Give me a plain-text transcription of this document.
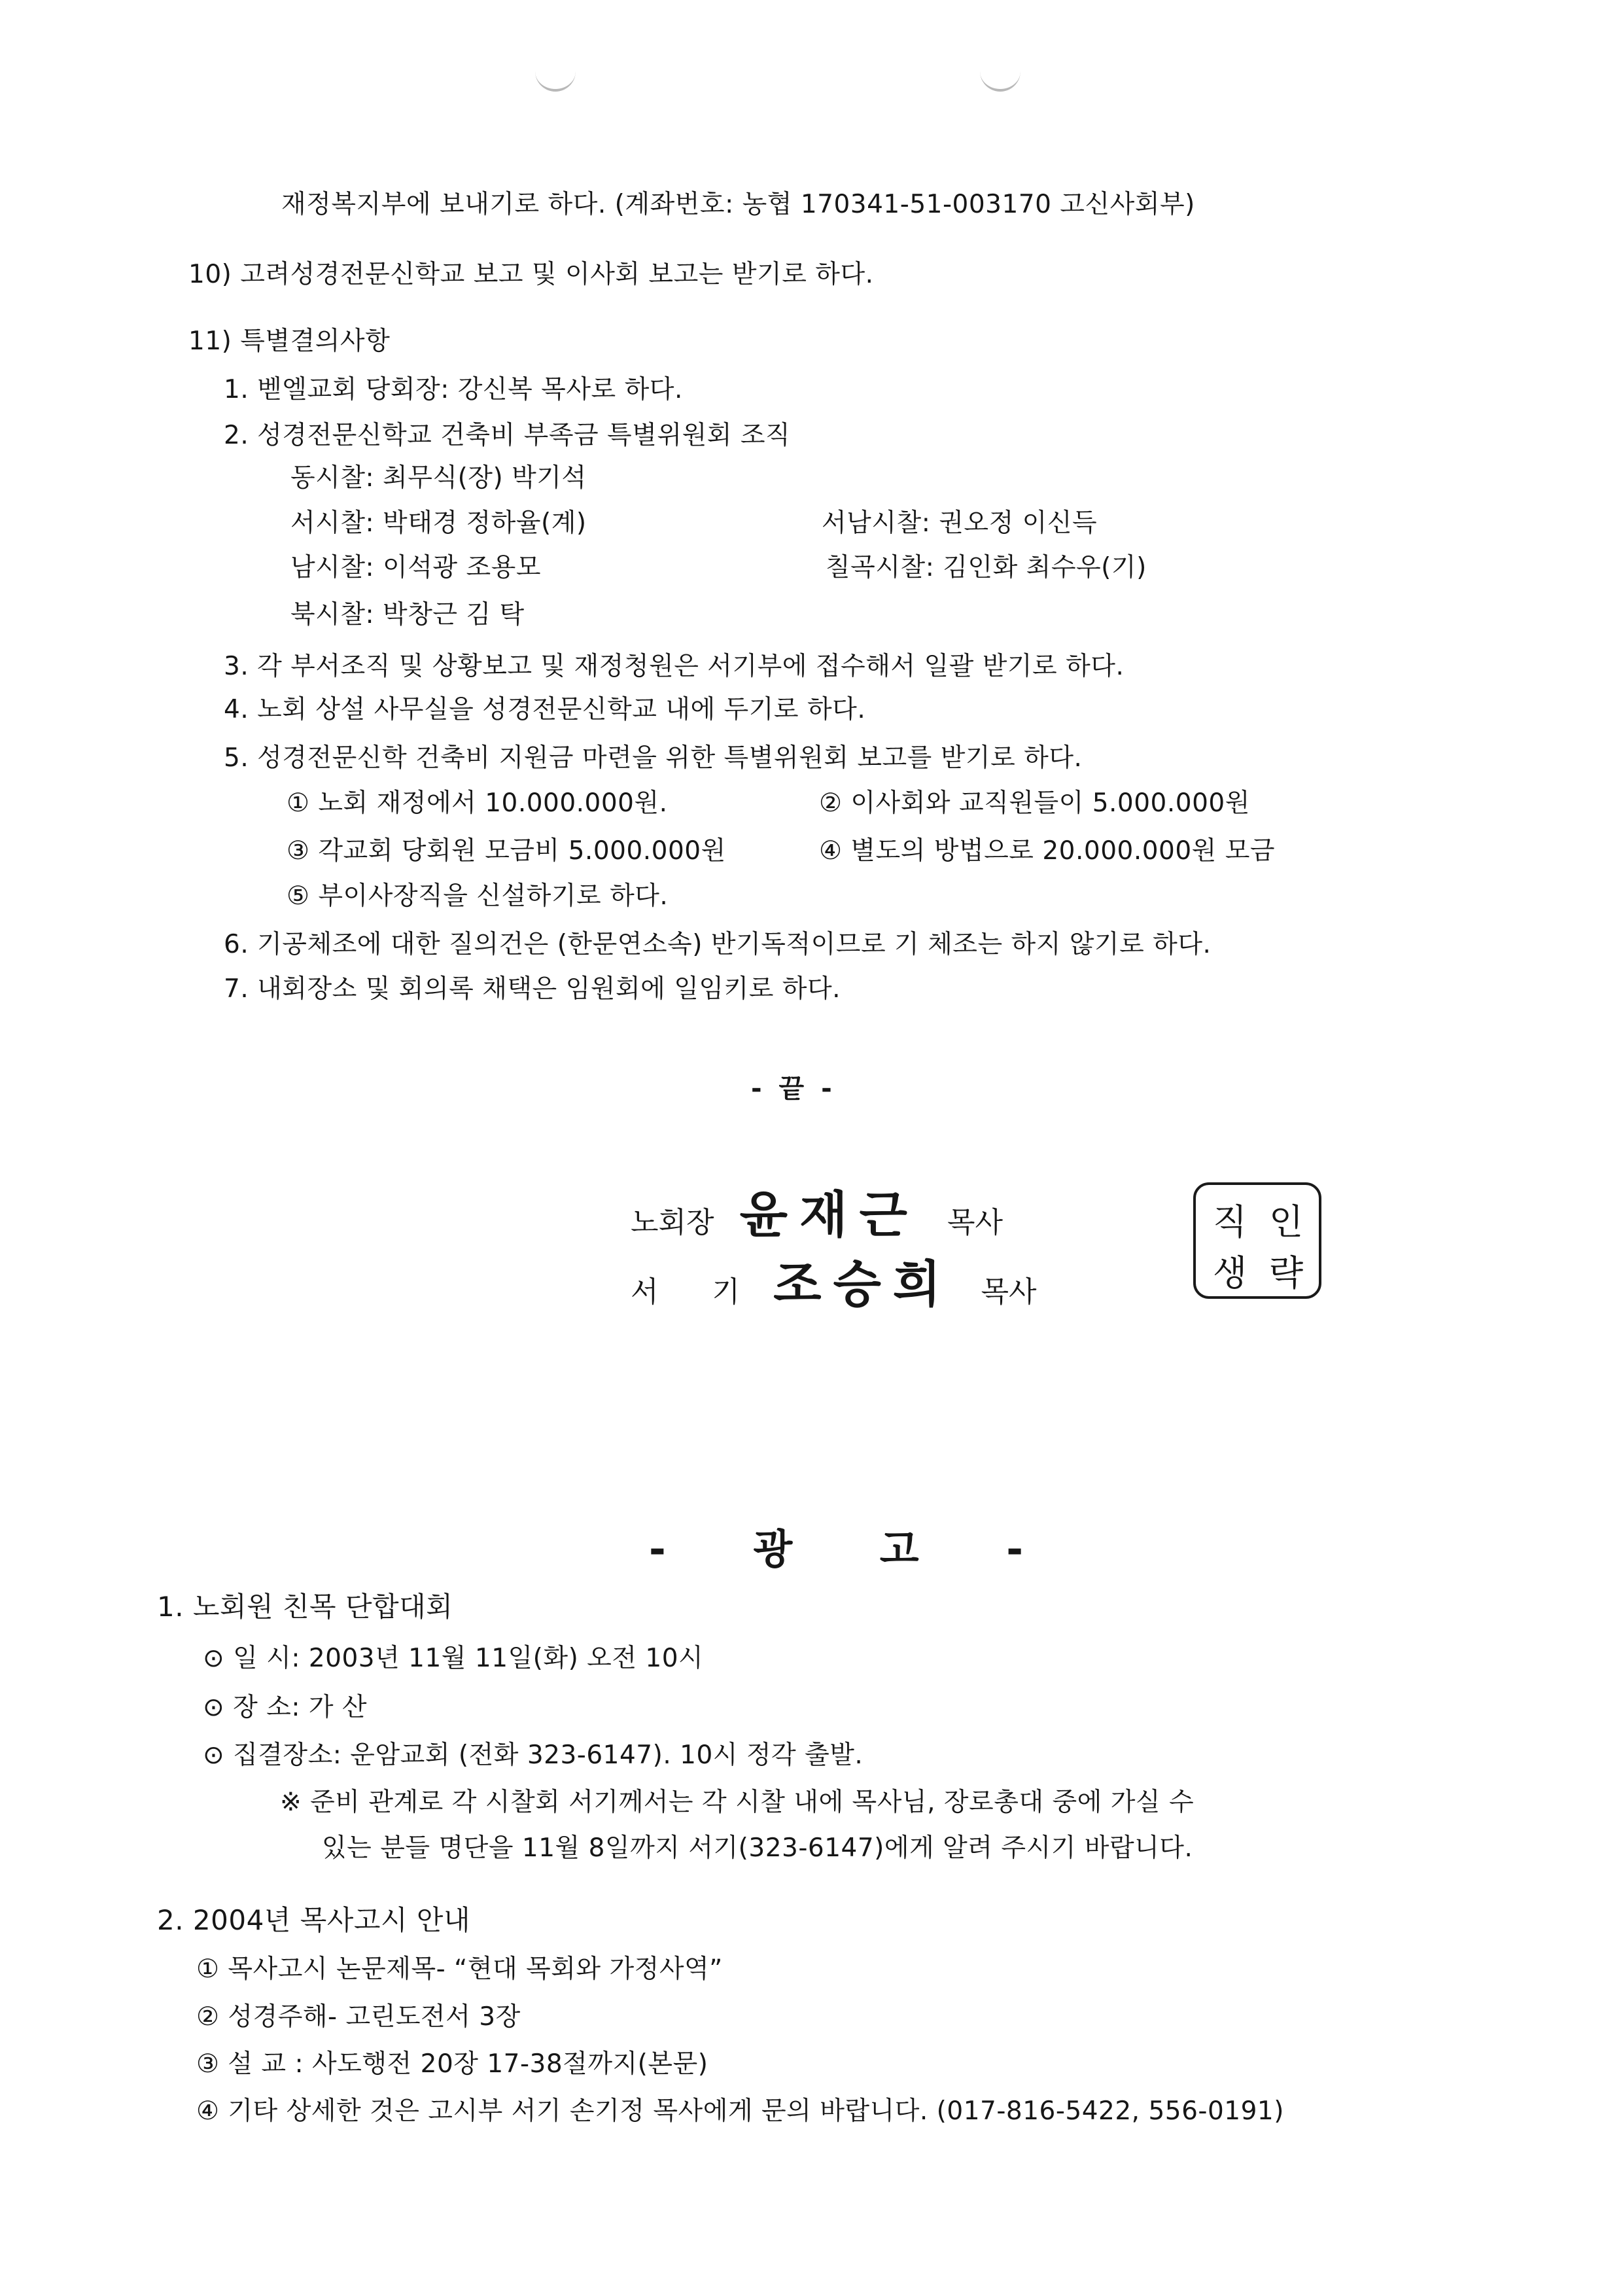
재정복지부에 보내기로 하다. (계좌번호: 농협 170341-51-003170 고신사회부)
10) 고려성경전문신학교 보고 및 이사회 보고는 받기로 하다.
11) 특별결의사항
1. 벧엘교회 당회장: 강신복 목사로 하다.
2. 성경전문신학교 건축비 부족금 특별위원회 조직
동시찰: 최무식(장) 박기석
서시찰: 박태경 정하율(계)	서남시찰: 권오정 이신득
남시찰: 이석광 조용모	칠곡시찰: 김인화 최수우(기)
북시찰: 박창근 김 탁
3. 각 부서조직 및 상황보고 및 재정청원은 서기부에 접수해서 일괄 받기로 하다.
4. 노회 상설 사무실을 성경전문신학교 내에 두기로 하다.
5. 성경전문신학 건축비 지원금 마련을 위한 특별위원회 보고를 받기로 하다.
① 노회 재정에서 10.000.000원.	② 이사회와 교직원들이 5.000.000원
③ 각교회 당회원 모금비 5.000.000원	④ 별도의 방법으로 20.000.000원 모금
⑤ 부이사장직을 신설하기로 하다.
6. 기공체조에 대한 질의건은 (한문연소속) 반기독적이므로 기 체조는 하지 않기로 하다.
7. 내회장소 및 회의록 채택은 임원회에 일임키로 하다.
- 끝 -
노회장 윤재근 목사
서 기 조승희 목사
직 인
생 략
- 광 고 -
1. 노회원 친목 단합대회
⊙ 일 시: 2003년 11월 11일(화) 오전 10시
⊙ 장 소: 가 산
⊙ 집결장소: 운암교회 (전화 323-6147). 10시 정각 출발.
※ 준비 관계로 각 시찰회 서기께서는 각 시찰 내에 목사님, 장로총대 중에 가실 수
있는 분들 명단을 11월 8일까지 서기(323-6147)에게 알려 주시기 바랍니다.
2. 2004년 목사고시 안내
① 목사고시 논문제목- “현대 목회와 가정사역”
② 성경주해- 고린도전서 3장
③ 설 교 : 사도행전 20장 17-38절까지(본문)
④ 기타 상세한 것은 고시부 서기 손기정 목사에게 문의 바랍니다. (017-816-5422, 556-0191)
